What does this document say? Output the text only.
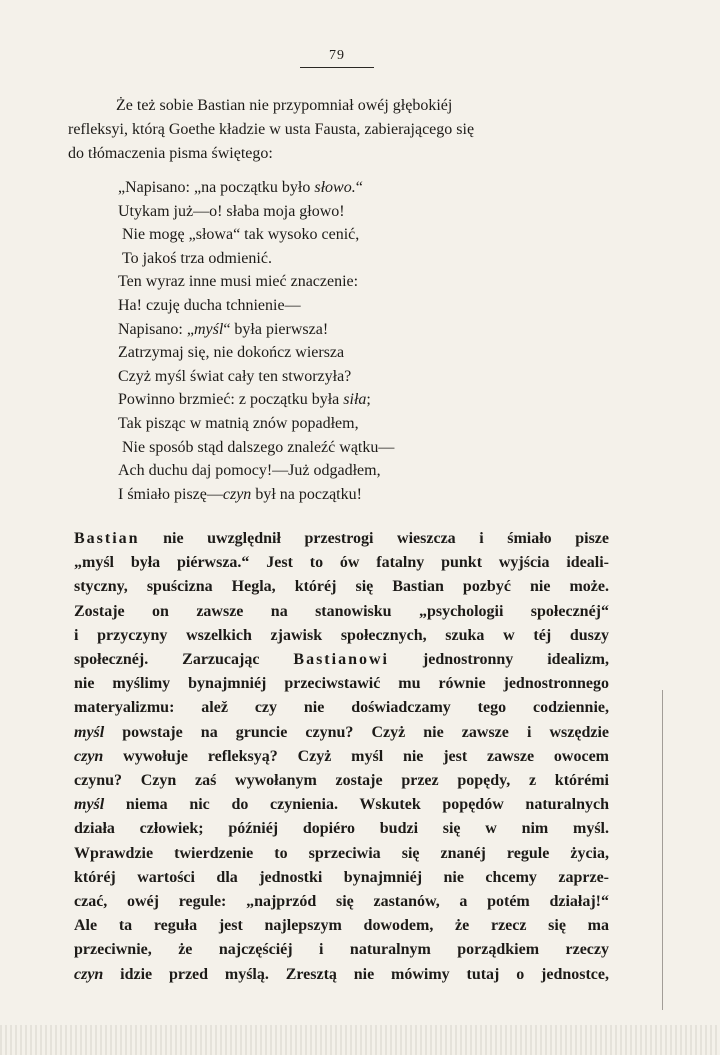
79
Że też sobie Bastian nie przypomniał owéj głębokiéj
refleksyi, którą Goethe kładzie w usta Fausta, zabierającego się
do tłómaczenia pisma świętego:
„Napisano: „na początku było słowo.“
Utykam już—o! słaba moja głowo!
Nie mogę „słowa“ tak wysoko cenić,
To jakoś trza odmienić.
Ten wyraz inne musi mieć znaczenie:
Ha! czuję ducha tchnienie—
Napisano: „myśl“ była pierwsza!
Zatrzymaj się, nie dokończ wiersza
Czyż myśl świat cały ten stworzyła?
Powinno brzmieć: z początku była siła;
Tak pisząc w matnią znów popadłem,
Nie sposób stąd dalszego znaleźć wątku—
Ach duchu daj pomocy!—Już odgadłem,
I śmiało piszę—czyn był na początku!
Bastian nie uwzględnił przestrogi wieszcza i śmiało pisze
„myśl była piérwsza.“ Jest to ów fatalny punkt wyjścia ideali-
styczny, spuścizna Hegla, któréj się Bastian pozbyć nie może.
Zostaje on zawsze na stanowisku „psychologii społecznéj“
i przyczyny wszelkich zjawisk społecznych, szuka w téj duszy
społecznéj. Zarzucając Bastianowi jednostronny idealizm,
nie myślimy bynajmniéj przeciwstawić mu równie jednostronnego
materyalizmu: alež czy nie doświadczamy tego codziennie,
myśl powstaje na gruncie czynu? Czyż nie zawsze i wszędzie
czyn wywołuje refleksyą? Czyż myśl nie jest zawsze owocem
czynu? Czyn zaś wywołanym zostaje przez popędy, z którémi
myśl niema nic do czynienia. Wskutek popędów naturalnych
działa człowiek; późniéj dopiéro budzi się w nim myśl.
Wprawdzie twierdzenie to sprzeciwia się znanéj regule życia,
któréj wartości dla jednostki bynajmniéj nie chcemy zaprze-
czać, owéj regule: „najprzód się zastanów, a potém działaj!“
Ale ta reguła jest najlepszym dowodem, że rzecz się ma
przeciwnie, że najczęściéj i naturalnym porządkiem rzeczy
czyn idzie przed myślą. Zresztą nie mówimy tutaj o jednostce,
